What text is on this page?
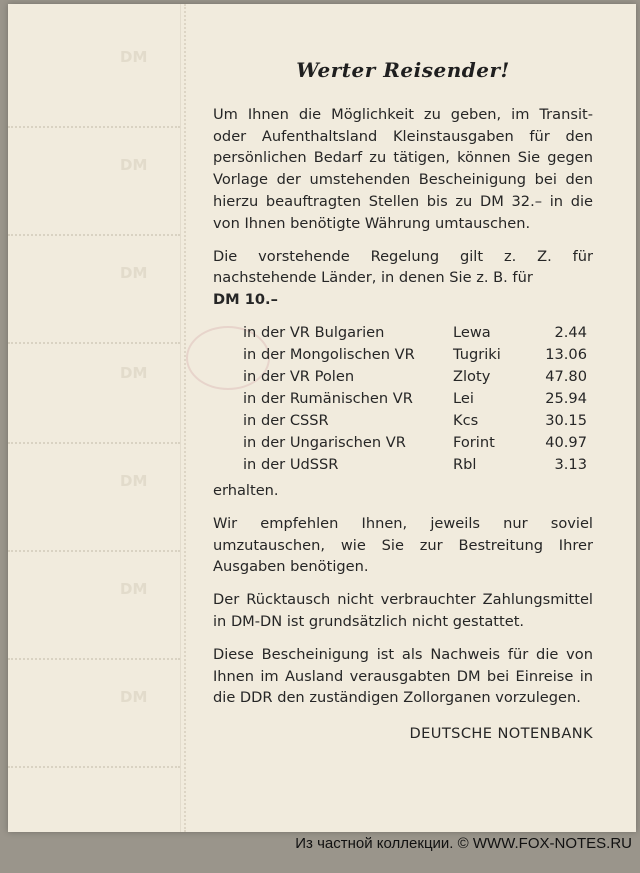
DM
DM
DM
DM
DM
DM
DM
Werter Reisender!

Um Ihnen die Möglichkeit zu geben, im Transit- oder Aufenthaltsland Kleinstausgaben für den persönlichen Bedarf zu tätigen, können Sie gegen Vorlage der umstehenden Bescheinigung bei den hierzu beauftragten Stellen bis zu DM 32.– in die von Ihnen benötigte Währung umtauschen.

Die vorstehende Regelung gilt z. Z. für nachstehende Länder, in denen Sie z. B. für
DM 10.–

in der VR Bulgarien	Lewa	2.44
in der Mongolischen VR	Tugriki	13.06
in der VR Polen	Zloty	47.80
in der Rumänischen VR	Lei	25.94
in der CSSR	Kcs	30.15
in der Ungarischen VR	Forint	40.97
in der UdSSR	Rbl	3.13

erhalten.

Wir empfehlen Ihnen, jeweils nur soviel umzutauschen, wie Sie zur Bestreitung Ihrer Ausgaben benötigen.

Der Rücktausch nicht verbrauchter Zahlungsmittel in DM-DN ist grundsätzlich nicht gestattet.

Diese Bescheinigung ist als Nachweis für die von Ihnen im Ausland verausgabten DM bei Einreise in die DDR den zuständigen Zollorganen vorzulegen.

DEUTSCHE NOTENBANK
Из частной коллекции. © WWW.FOX-NOTES.RU
